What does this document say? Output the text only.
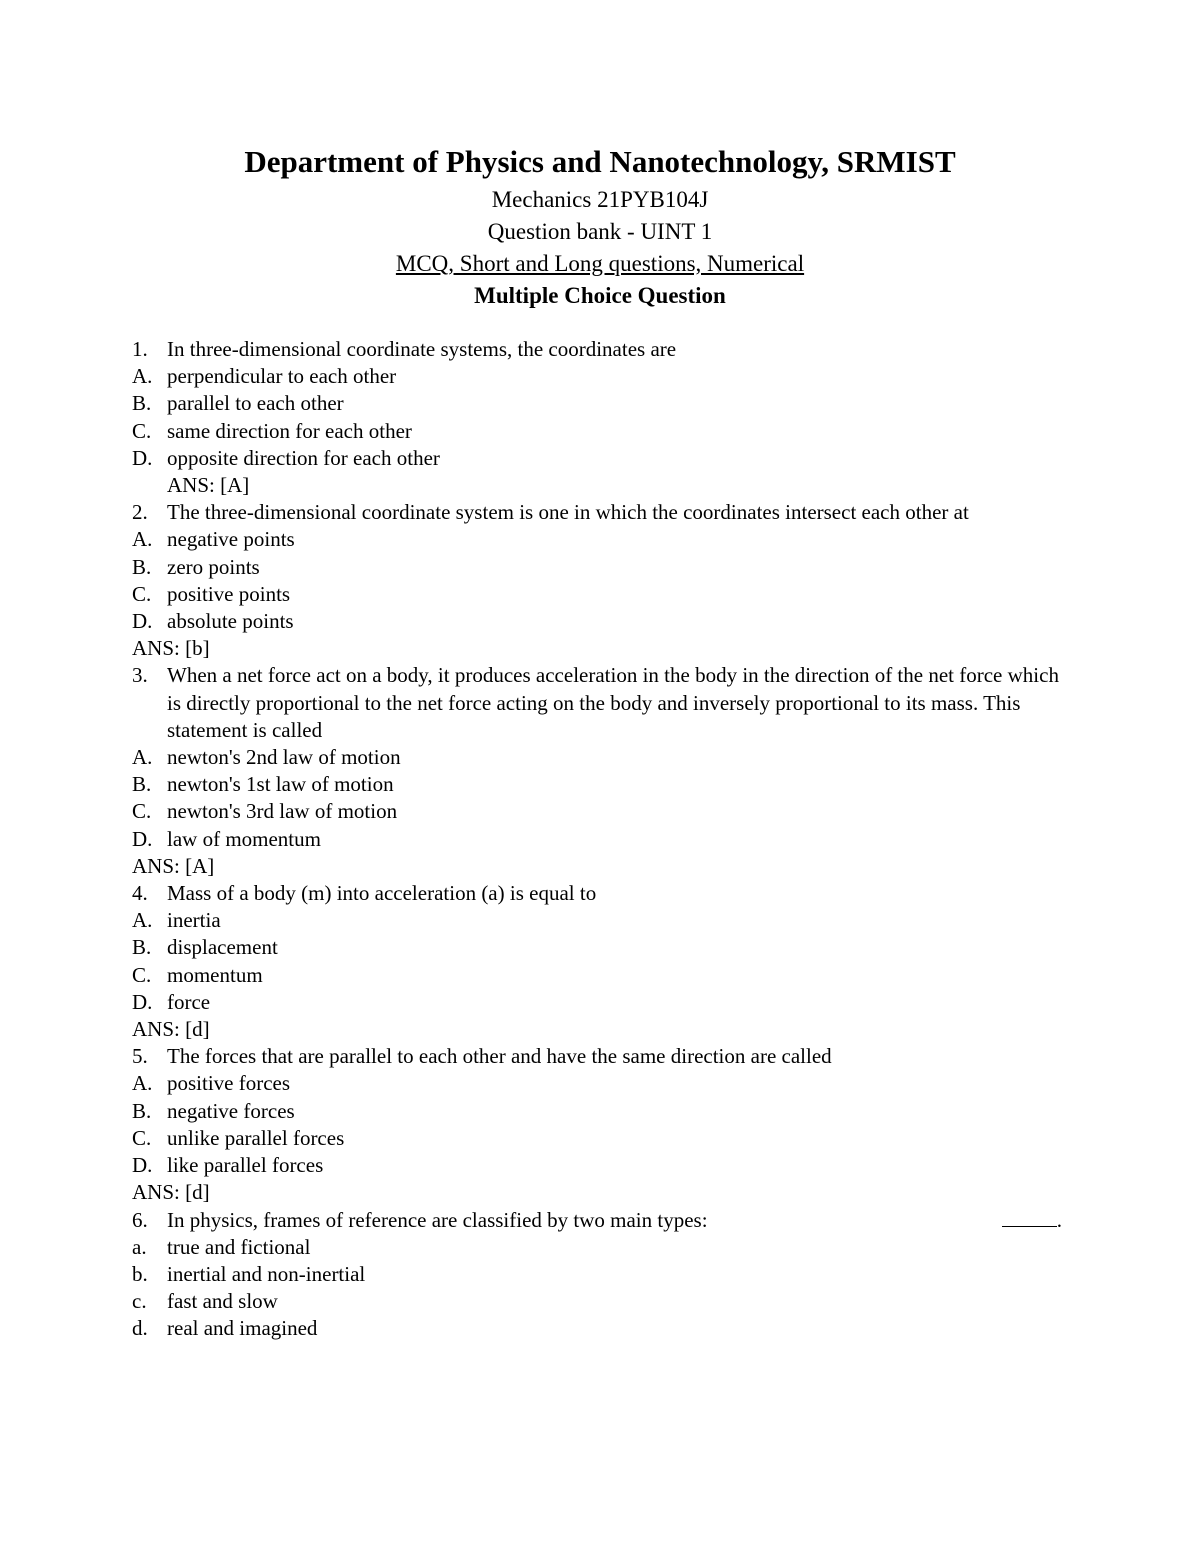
Department of Physics and Nanotechnology, SRMIST
Mechanics 21PYB104J
Question bank - UINT 1
MCQ, Short and Long questions, Numerical
Multiple Choice Question
1. In three-dimensional coordinate systems, the coordinates are
A. perpendicular to each other
B. parallel to each other
C. same direction for each other
D. opposite direction for each other
ANS: [A]
2. The three-dimensional coordinate system is one in which the coordinates intersect each other at
A. negative points
B. zero points
C. positive points
D. absolute points
ANS: [b]
3. When a net force act on a body, it produces acceleration in the body in the direction of the net force which is directly proportional to the net force acting on the body and inversely proportional to its mass. This statement is called
A. newton's 2nd law of motion
B. newton's 1st law of motion
C. newton's 3rd law of motion
D. law of momentum
ANS: [A]
4. Mass of a body (m) into acceleration (a) is equal to
A. inertia
B. displacement
C. momentum
D. force
ANS: [d]
5. The forces that are parallel to each other and have the same direction are called
A. positive forces
B. negative forces
C. unlike parallel forces
D. like parallel forces
ANS: [d]
6. In physics, frames of reference are classified by two main types:	.
a. true and fictional
b. inertial and non-inertial
c. fast and slow
d. real and imagined
